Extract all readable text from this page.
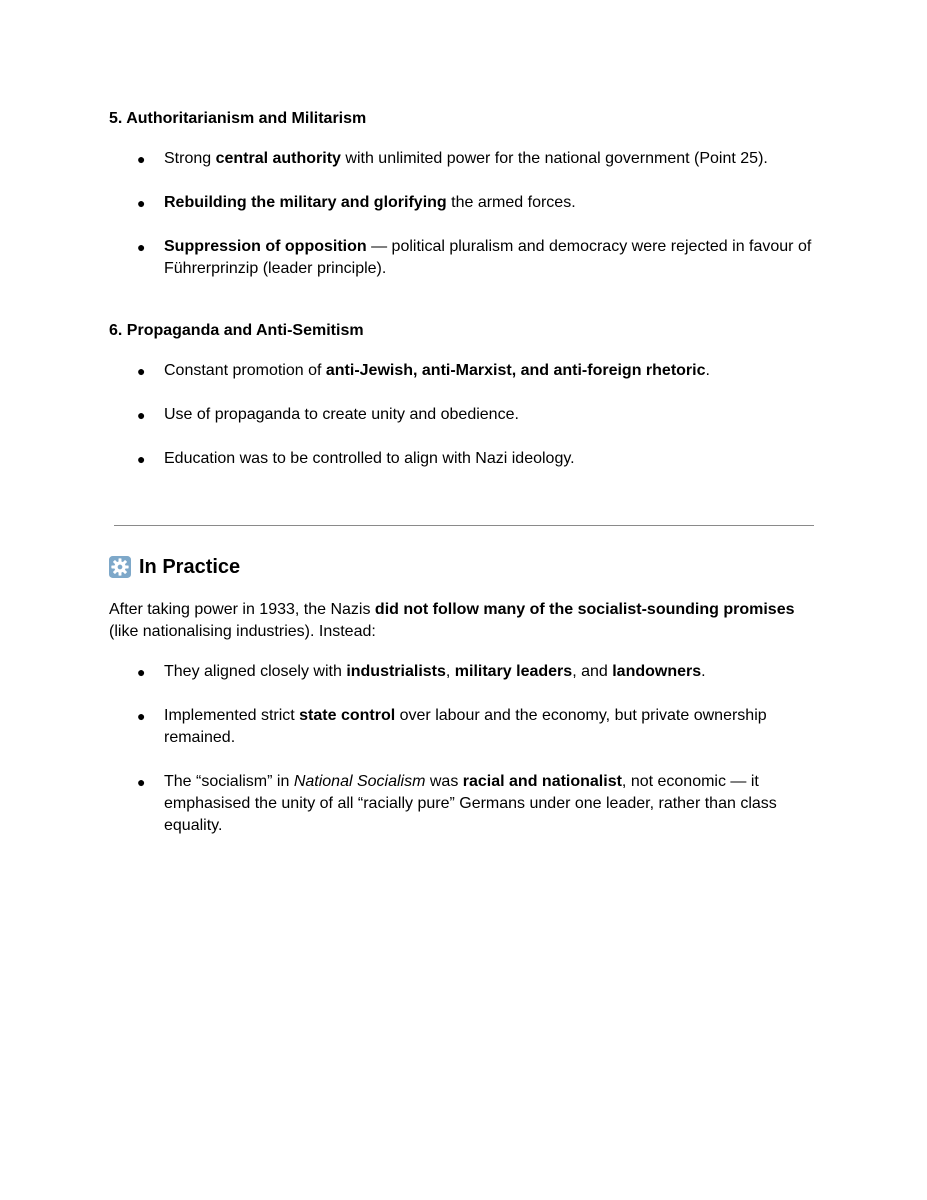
5. Authoritarianism and Militarism
● Strong central authority with unlimited power for the national government (Point 25).
● Rebuilding the military and glorifying the armed forces.
● Suppression of opposition — political pluralism and democracy were rejected in favour of Führerprinzip (leader principle).
6. Propaganda and Anti-Semitism
● Constant promotion of anti-Jewish, anti-Marxist, and anti-foreign rhetoric.
● Use of propaganda to create unity and obedience.
● Education was to be controlled to align with Nazi ideology.
In Practice

After taking power in 1933, the Nazis did not follow many of the socialist-sounding promises (like nationalising industries). Instead:

● They aligned closely with industrialists, military leaders, and landowners.
● Implemented strict state control over labour and the economy, but private ownership remained.
● The “socialism” in National Socialism was racial and nationalist, not economic — it emphasised the unity of all “racially pure” Germans under one leader, rather than class equality.
